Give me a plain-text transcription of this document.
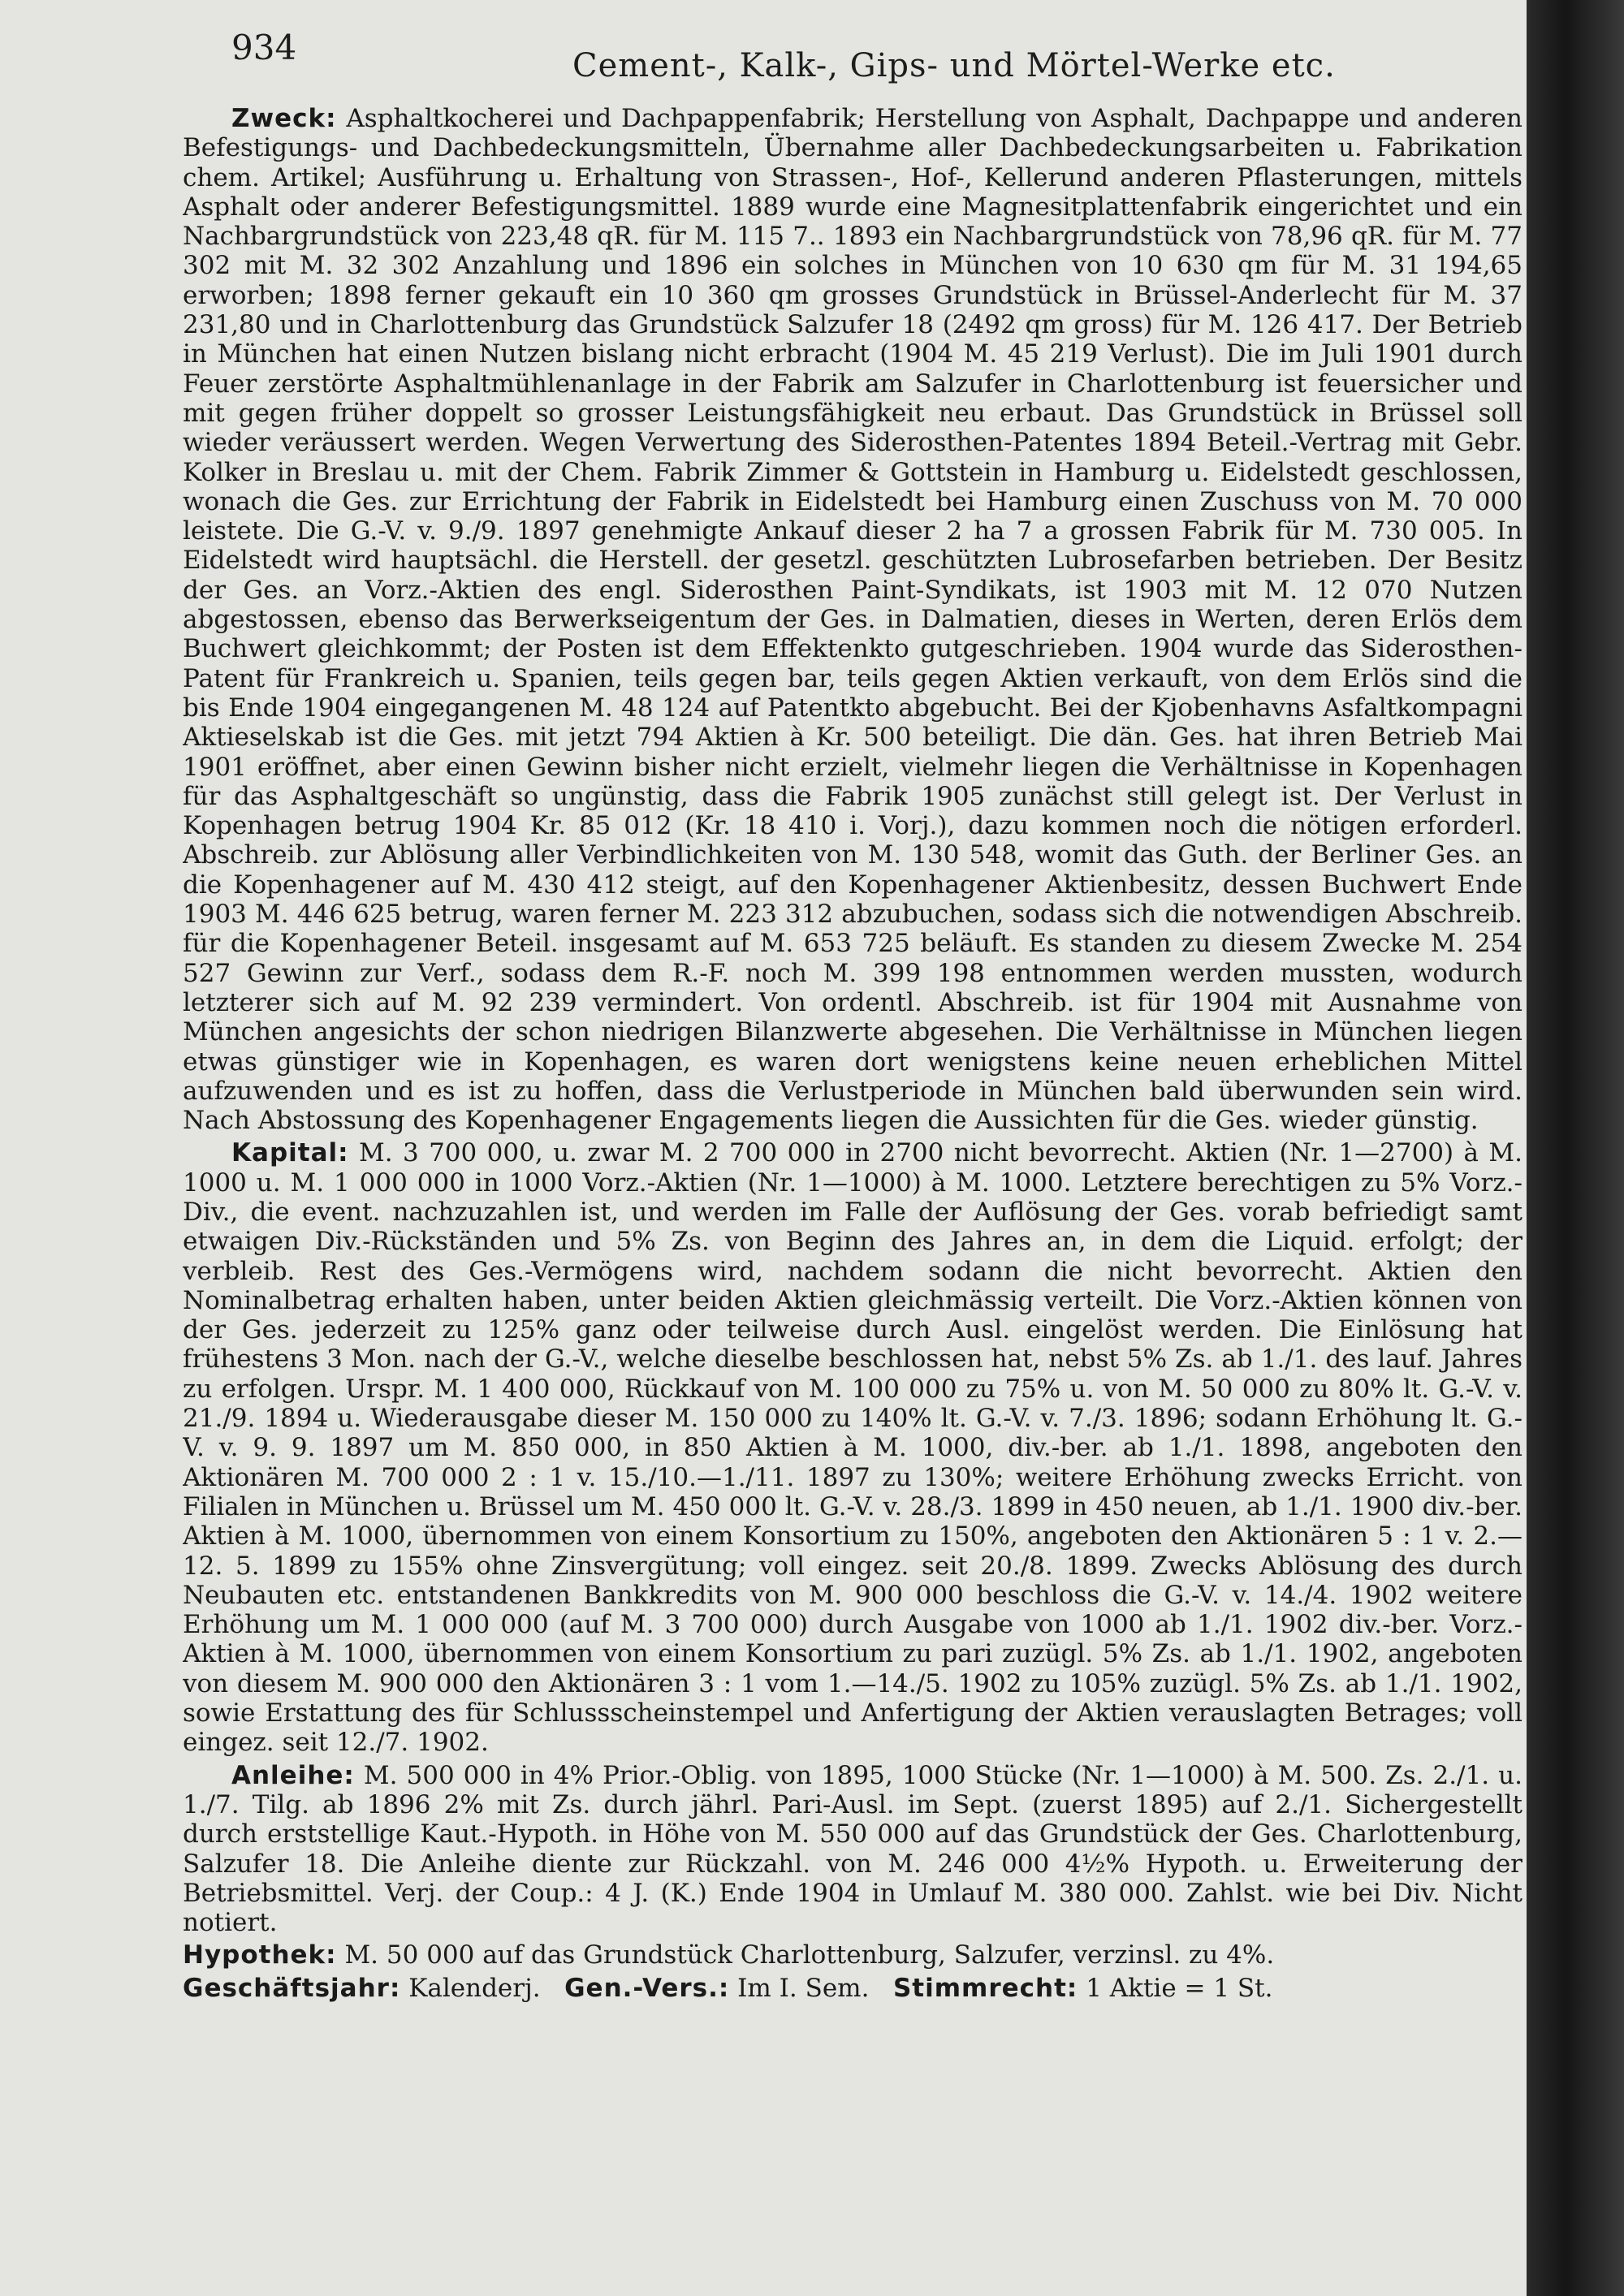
934	Cement-, Kalk-, Gips- und Mörtel-Werke etc.

Zweck: Asphaltkocherei und Dachpappenfabrik; Herstellung von Asphalt, Dachpappe und anderen Befestigungs- und Dachbedeckungsmitteln, Übernahme aller Dachbedeckungsarbeiten u. Fabrikation chem. Artikel; Ausführung u. Erhaltung von Strassen-, Hof-, Kellerund anderen Pflasterungen, mittels Asphalt oder anderer Befestigungsmittel. 1889 wurde eine Magnesitplattenfabrik eingerichtet und ein Nachbargrundstück von 223,48 qR. für M. 115 7.. 1893 ein Nachbargrundstück von 78,96 qR. für M. 77 302 mit M. 32 302 Anzahlung und 1896 ein solches in München von 10 630 qm für M. 31 194,65 erworben; 1898 ferner gekauft ein 10 360 qm grosses Grundstück in Brüssel-Anderlecht für M. 37 231,80 und in Charlottenburg das Grundstück Salzufer 18 (2492 qm gross) für M. 126 417. Der Betrieb in München hat einen Nutzen bislang nicht erbracht (1904 M. 45 219 Verlust). Die im Juli 1901 durch Feuer zerstörte Asphaltmühlenanlage in der Fabrik am Salzufer in Charlottenburg ist feuersicher und mit gegen früher doppelt so grosser Leistungsfähigkeit neu erbaut. Das Grundstück in Brüssel soll wieder veräussert werden. Wegen Verwertung des Siderosthen-Patentes 1894 Beteil.-Vertrag mit Gebr. Kolker in Breslau u. mit der Chem. Fabrik Zimmer & Gottstein in Hamburg u. Eidelstedt geschlossen, wonach die Ges. zur Errichtung der Fabrik in Eidelstedt bei Hamburg einen Zuschuss von M. 70 000 leistete. Die G.-V. v. 9./9. 1897 genehmigte Ankauf dieser 2 ha 7 a grossen Fabrik für M. 730 005. In Eidelstedt wird hauptsächl. die Herstell. der gesetzl. geschützten Lubrosefarben betrieben. Der Besitz der Ges. an Vorz.-Aktien des engl. Siderosthen Paint-Syndikats, ist 1903 mit M. 12 070 Nutzen abgestossen, ebenso das Berwerkseigentum der Ges. in Dalmatien, dieses in Werten, deren Erlös dem Buchwert gleichkommt; der Posten ist dem Effektenkto gutgeschrieben. 1904 wurde das Siderosthen-Patent für Frankreich u. Spanien, teils gegen bar, teils gegen Aktien verkauft, von dem Erlös sind die bis Ende 1904 eingegangenen M. 48 124 auf Patentkto abgebucht. Bei der Kjobenhavns Asfaltkompagni Aktieselskab ist die Ges. mit jetzt 794 Aktien à Kr. 500 beteiligt. Die dän. Ges. hat ihren Betrieb Mai 1901 eröffnet, aber einen Gewinn bisher nicht erzielt, vielmehr liegen die Verhältnisse in Kopenhagen für das Asphaltgeschäft so ungünstig, dass die Fabrik 1905 zunächst still gelegt ist. Der Verlust in Kopenhagen betrug 1904 Kr. 85 012 (Kr. 18 410 i. Vorj.), dazu kommen noch die nötigen erforderl. Abschreib. zur Ablösung aller Verbindlichkeiten von M. 130 548, womit das Guth. der Berliner Ges. an die Kopenhagener auf M. 430 412 steigt, auf den Kopenhagener Aktienbesitz, dessen Buchwert Ende 1903 M. 446 625 betrug, waren ferner M. 223 312 abzubuchen, sodass sich die notwendigen Abschreib. für die Kopenhagener Beteil. insgesamt auf M. 653 725 beläuft. Es standen zu diesem Zwecke M. 254 527 Gewinn zur Verf., sodass dem R.-F. noch M. 399 198 entnommen werden mussten, wodurch letzterer sich auf M. 92 239 vermindert. Von ordentl. Abschreib. ist für 1904 mit Ausnahme von München angesichts der schon niedrigen Bilanzwerte abgesehen. Die Verhältnisse in München liegen etwas günstiger wie in Kopenhagen, es waren dort wenigstens keine neuen erheblichen Mittel aufzuwenden und es ist zu hoffen, dass die Verlustperiode in München bald überwunden sein wird. Nach Abstossung des Kopenhagener Engagements liegen die Aussichten für die Ges. wieder günstig.

Kapital: M. 3 700 000, u. zwar M. 2 700 000 in 2700 nicht bevorrecht. Aktien (Nr. 1—2700) à M. 1000 u. M. 1 000 000 in 1000 Vorz.-Aktien (Nr. 1—1000) à M. 1000. Letztere berechtigen zu 5% Vorz.-Div., die event. nachzuzahlen ist, und werden im Falle der Auflösung der Ges. vorab befriedigt samt etwaigen Div.-Rückständen und 5% Zs. von Beginn des Jahres an, in dem die Liquid. erfolgt; der verbleib. Rest des Ges.-Vermögens wird, nachdem sodann die nicht bevorrecht. Aktien den Nominalbetrag erhalten haben, unter beiden Aktien gleichmässig verteilt. Die Vorz.-Aktien können von der Ges. jederzeit zu 125% ganz oder teilweise durch Ausl. eingelöst werden. Die Einlösung hat frühestens 3 Mon. nach der G.-V., welche dieselbe beschlossen hat, nebst 5% Zs. ab 1./1. des lauf. Jahres zu erfolgen. Urspr. M. 1 400 000, Rückkauf von M. 100 000 zu 75% u. von M. 50 000 zu 80% lt. G.-V. v. 21./9. 1894 u. Wiederausgabe dieser M. 150 000 zu 140% lt. G.-V. v. 7./3. 1896; sodann Erhöhung lt. G.-V. v. 9. 9. 1897 um M. 850 000, in 850 Aktien à M. 1000, div.-ber. ab 1./1. 1898, angeboten den Aktionären M. 700 000 2 : 1 v. 15./10.—1./11. 1897 zu 130%; weitere Erhöhung zwecks Erricht. von Filialen in München u. Brüssel um M. 450 000 lt. G.-V. v. 28./3. 1899 in 450 neuen, ab 1./1. 1900 div.-ber. Aktien à M. 1000, übernommen von einem Konsortium zu 150%, angeboten den Aktionären 5 : 1 v. 2.—12. 5. 1899 zu 155% ohne Zinsvergütung; voll eingez. seit 20./8. 1899. Zwecks Ablösung des durch Neubauten etc. entstandenen Bankkredits von M. 900 000 beschloss die G.-V. v. 14./4. 1902 weitere Erhöhung um M. 1 000 000 (auf M. 3 700 000) durch Ausgabe von 1000 ab 1./1. 1902 div.-ber. Vorz.-Aktien à M. 1000, übernommen von einem Konsortium zu pari zuzügl. 5% Zs. ab 1./1. 1902, angeboten von diesem M. 900 000 den Aktionären 3 : 1 vom 1.—14./5. 1902 zu 105% zuzügl. 5% Zs. ab 1./1. 1902, sowie Erstattung des für Schlussscheinstempel und Anfertigung der Aktien verauslagten Betrages; voll eingez. seit 12./7. 1902.

Anleihe: M. 500 000 in 4% Prior.-Oblig. von 1895, 1000 Stücke (Nr. 1—1000) à M. 500. Zs. 2./1. u. 1./7. Tilg. ab 1896 2% mit Zs. durch jährl. Pari-Ausl. im Sept. (zuerst 1895) auf 2./1. Sichergestellt durch erststellige Kaut.-Hypoth. in Höhe von M. 550 000 auf das Grundstück der Ges. Charlottenburg, Salzufer 18. Die Anleihe diente zur Rückzahl. von M. 246 000 4½% Hypoth. u. Erweiterung der Betriebsmittel. Verj. der Coup.: 4 J. (K.) Ende 1904 in Umlauf M. 380 000. Zahlst. wie bei Div. Nicht notiert.

Hypothek: M. 50 000 auf das Grundstück Charlottenburg, Salzufer, verzinsl. zu 4%.

Geschäftsjahr: Kalenderj. Gen.-Vers.: Im I. Sem. Stimmrecht: 1 Aktie = 1 St.
